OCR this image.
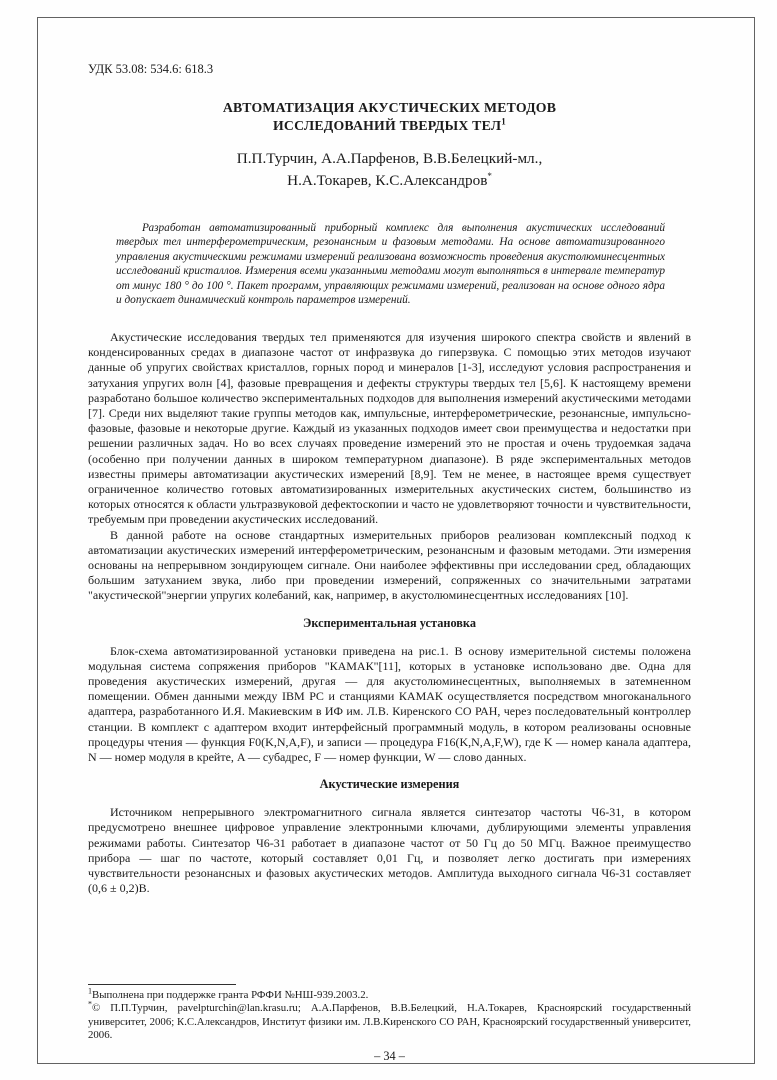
УДК 53.08: 534.6: 618.3
АВТОМАТИЗАЦИЯ АКУСТИЧЕСКИХ МЕТОДОВ
ИССЛЕДОВАНИЙ ТВЕРДЫХ ТЕЛ$^1$
П.П.Турчин, А.А.Парфенов, В.В.Белецкий-мл.,
Н.А.Токарев, К.С.Александров*
Разработан автоматизированный приборный комплекс для выполнения акустических исследований твердых тел интерферометрическим, резонансным и фазовым методами. На основе автоматизированного управления акустическими режимами измерений реализована возможность проведения акустолюминесцентных исследований кристаллов. Измерения всеми указанными методами могут выполняться в интервале температур от минус 180 ° до 100 °. Пакет программ, управляющих режимами измерений, реализован на основе одного ядра и допускает динамический контроль параметров измерений.

Акустические исследования твердых тел применяются для изучения широкого спектра свойств и явлений в конденсированных средах в диапазоне частот от инфразвука до гиперзвука. С помощью этих методов изучают данные об упругих свойствах кристаллов, горных пород и минералов [1-3], исследуют условия распространения и затухания упругих волн [4], фазовые превращения и дефекты структуры твердых тел [5,6]. К настоящему времени разработано большое количество экспериментальных подходов для выполнения измерений акустическими методами [7]. Среди них выделяют такие группы методов как, импульсные, интерферометрические, резонансные, импульсно-фазовые, фазовые и некоторые другие. Каждый из указанных подходов имеет свои преимущества и недостатки при решении различных задач. Но во всех случаях проведение измерений это не простая и очень трудоемкая задача (особенно при получении данных в широком температурном диапазоне). В ряде экспериментальных методов известны примеры автоматизации акустических измерений [8,9]. Тем не менее, в настоящее время существует ограниченное количество готовых автоматизированных измерительных акустических систем, большинство из которых относятся к области ультразвуковой дефектоскопии и часто не удовлетворяют точности и чувствительности, требуемым при проведении акустических исследований.

В данной работе на основе стандартных измерительных приборов реализован комплексный подход к автоматизации акустических измерений интерферометрическим, резонансным и фазовым методами. Эти измерения основаны на непрерывном зондирующем сигнале. Они наиболее эффективны при исследовании сред, обладающих большим затуханием звука, либо при проведении измерений, сопряженных со значительными затратами "акустической"энергии упругих колебаний, как, например, в акустолюминесцентных исследованиях [10].

Экспериментальная установка

Блок-схема автоматизированной установки приведена на рис.1. В основу измерительной системы положена модульная система сопряжения приборов "КАМАК"[11], которых в установке использовано две. Одна для проведения акустических измерений, другая — для акустолюминесцентных, выполняемых в затемненном помещении. Обмен данными между IBM PC и станциями КАМАК осуществляется посредством многоканального адаптера, разработанного И.Я. Макиевским в ИФ им. Л.В. Киренского СО РАН, через последовательный контроллер станции. В комплект с адаптером входит интерфейсный программный модуль, в котором реализованы основные процедуры чтения — функция F0(K,N,A,F), и записи — процедура F16(K,N,A,F,W), где K — номер канала адаптера, N — номер модуля в крейте, A — субадрес, F — номер функции, W — слово данных.

Акустические измерения

Источником непрерывного электромагнитного сигнала является синтезатор частоты Ч6-31, в котором предусмотрено внешнее цифровое управление электронными ключами, дублирующими элементы управления режимами работы. Синтезатор Ч6-31 работает в диапазоне частот от 50 Гц до 50 МГц. Важное преимущество прибора — шаг по частоте, который составляет 0,01 Гц, и позволяет легко достигать при измерениях чувствительности резонансных и фазовых акустических методов. Амплитуда выходного сигнала Ч6-31 составляет (0,6 ± 0,2)В.

$^1$Выполнена при поддержке гранта РФФИ №НШ-939.2003.2.

*© П.П.Турчин, pavelpturchin@lan.krasu.ru; А.А.Парфенов, В.В.Белецкий, Н.А.Токарев, Красноярский государственный университет, 2006; К.С.Александров, Институт физики им. Л.В.Киренского СО РАН, Красноярский государственный университет, 2006.

– 34 –
